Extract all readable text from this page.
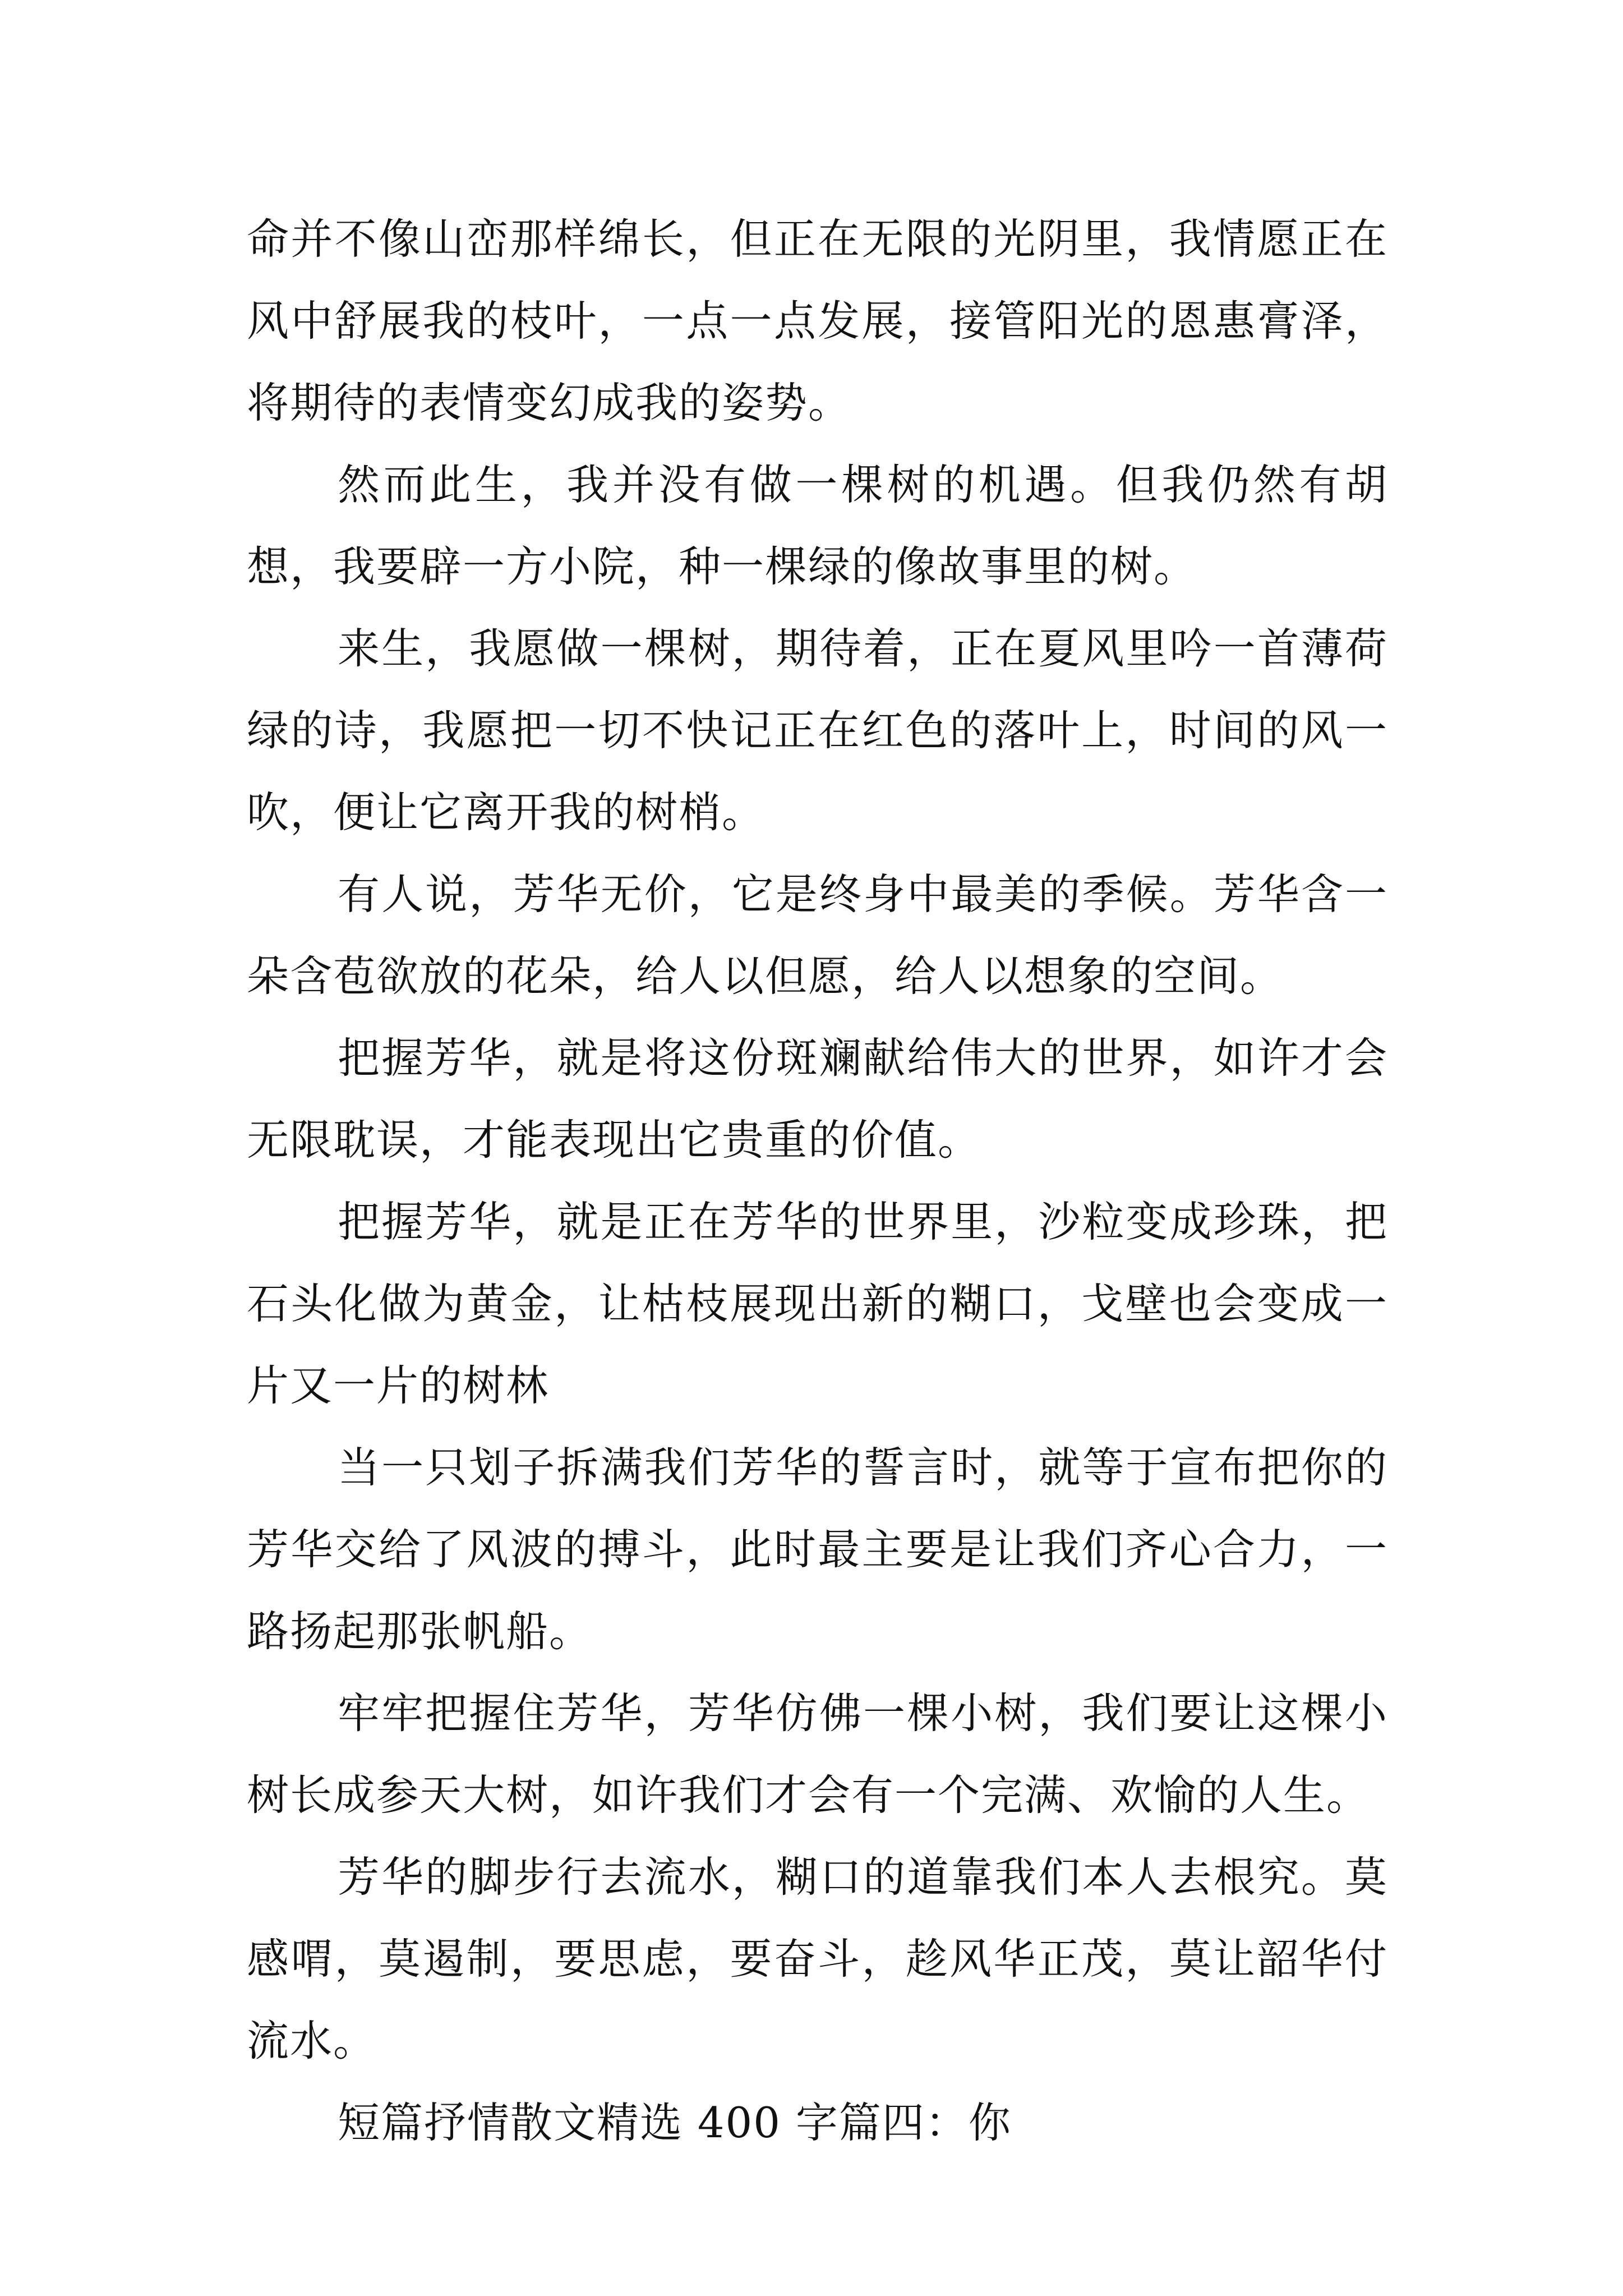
命并不像山峦那样绵长，但正在无限的光阴里，我情愿正在风中舒展我的枝叶，一点一点发展，接管阳光的恩惠膏泽，将期待的表情变幻成我的姿势。

然而此生，我并没有做一棵树的机遇。但我仍然有胡想，我要辟一方小院，种一棵绿的像故事里的树。

来生，我愿做一棵树，期待着，正在夏风里吟一首薄荷绿的诗，我愿把一切不快记正在红色的落叶上，时间的风一吹，便让它离开我的树梢。

有人说，芳华无价，它是终身中最美的季候。芳华含一朵含苞欲放的花朵，给人以但愿，给人以想象的空间。

把握芳华，就是将这份斑斓献给伟大的世界，如许才会无限耽误，才能表现出它贵重的价值。

把握芳华，就是正在芳华的世界里，沙粒变成珍珠，把石头化做为黄金，让枯枝展现出新的糊口，戈壁也会变成一片又一片的树林

当一只划子拆满我们芳华的誓言时，就等于宣布把你的芳华交给了风波的搏斗，此时最主要是让我们齐心合力，一路扬起那张帆船。

牢牢把握住芳华，芳华仿佛一棵小树，我们要让这棵小树长成参天大树，如许我们才会有一个完满、欢愉的人生。

芳华的脚步行去流水，糊口的道靠我们本人去根究。莫感喟，莫遏制，要思虑，要奋斗，趁风华正茂，莫让韶华付流水。

短篇抒情散文精选 400 字篇四：你
